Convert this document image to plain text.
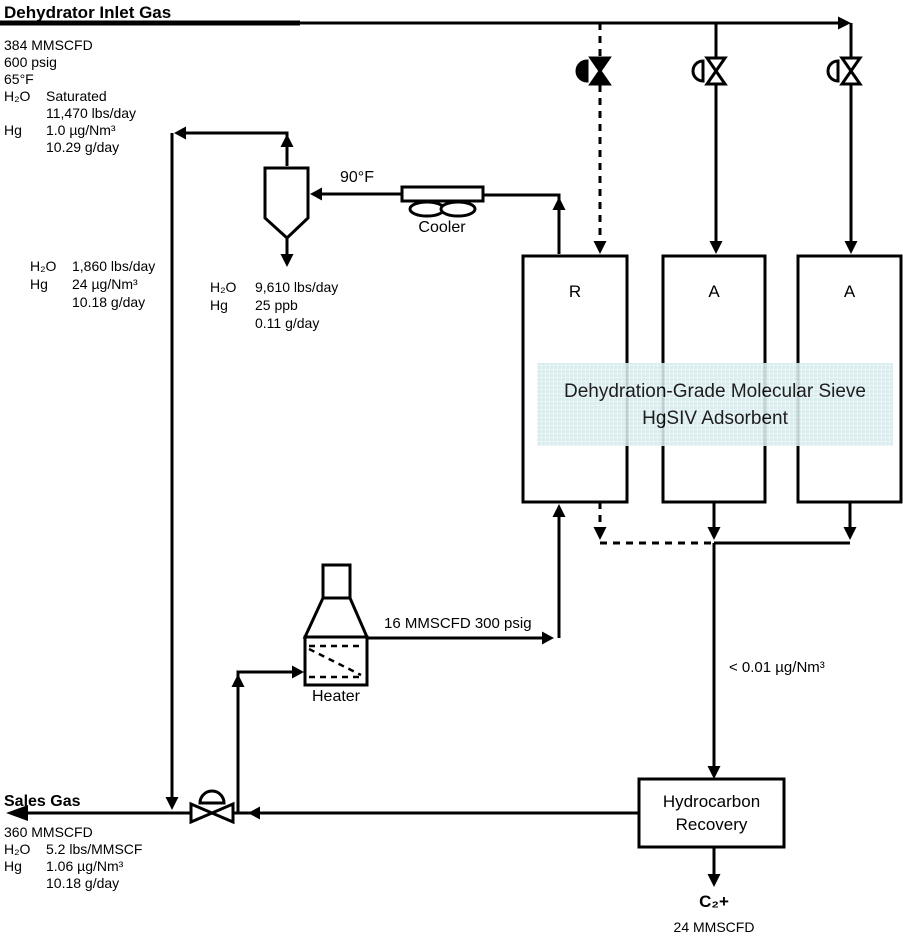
Dehydration-Grade Molecular Sieve
HgSIV Adsorbent
Dehydrator Inlet Gas
384 MMSCFD
600 psig
65°F
H₂O Saturated
11,470 lbs/day
Hg 1.0 µg/Nm³
10.29 g/day
H₂O 1,860 lbs/day
Hg 24 µg/Nm³
10.18 g/day
H₂O 9,610 lbs/day
Hg 25 ppb
0.11 g/day
90°F
Cooler
R	A	A
16 MMSCFD 300 psig
Heater
< 0.01 µg/Nm³
Hydrocarbon
Recovery
C₂+
24 MMSCFD
Sales Gas
360 MMSCFD
H₂O 5.2 lbs/MMSCF
Hg 1.06 µg/Nm³
10.18 g/day
